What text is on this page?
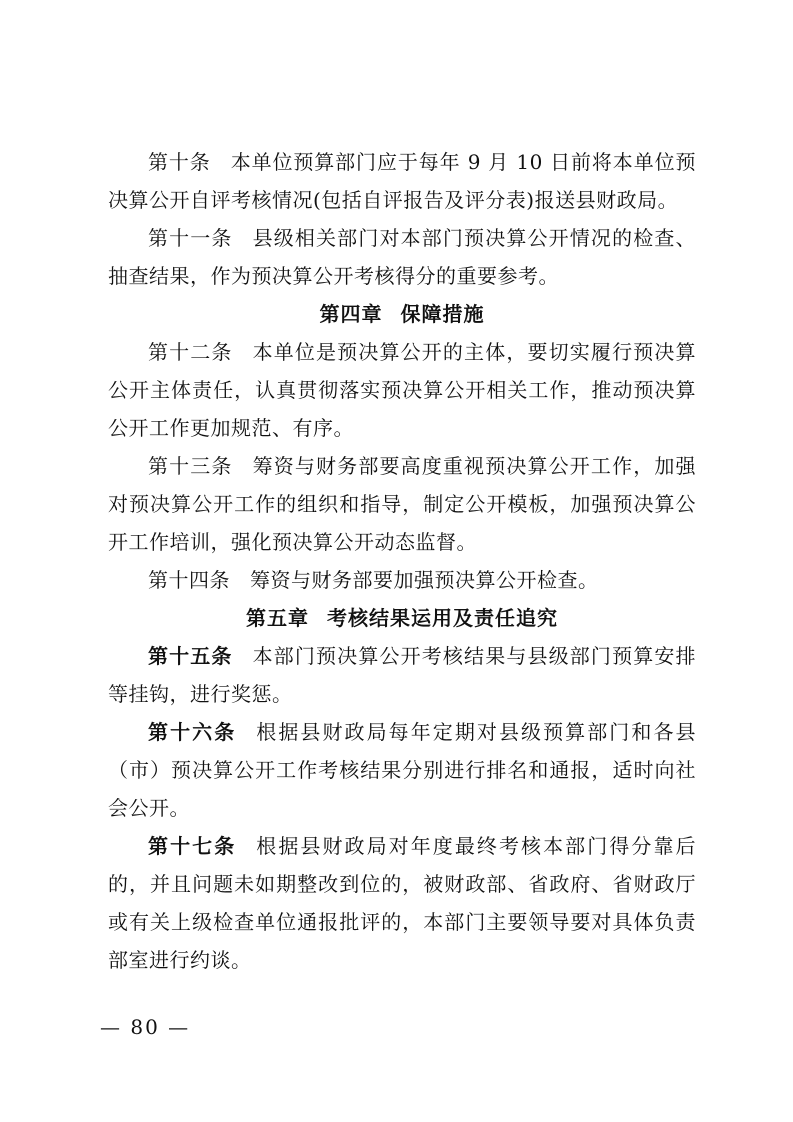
第十条 本单位预算部门应于每年 9 月 10 日前将本单位预决算公开自评考核情况(包括自评报告及评分表)报送县财政局。

第十一条 县级相关部门对本部门预决算公开情况的检查、抽查结果，作为预决算公开考核得分的重要参考。

第四章 保障措施

第十二条 本单位是预决算公开的主体，要切实履行预决算公开主体责任，认真贯彻落实预决算公开相关工作，推动预决算公开工作更加规范、有序。

第十三条 筹资与财务部要高度重视预决算公开工作，加强对预决算公开工作的组织和指导，制定公开模板，加强预决算公开工作培训，强化预决算公开动态监督。

第十四条 筹资与财务部要加强预决算公开检查。

第五章 考核结果运用及责任追究

第十五条 本部门预决算公开考核结果与县级部门预算安排等挂钩，进行奖惩。

第十六条 根据县财政局每年定期对县级预算部门和各县（市）预决算公开工作考核结果分别进行排名和通报，适时向社会公开。

第十七条 根据县财政局对年度最终考核本部门得分靠后的，并且问题未如期整改到位的，被财政部、省政府、省财政厅或有关上级检查单位通报批评的，本部门主要领导要对具体负责部室进行约谈。

— 80 —
